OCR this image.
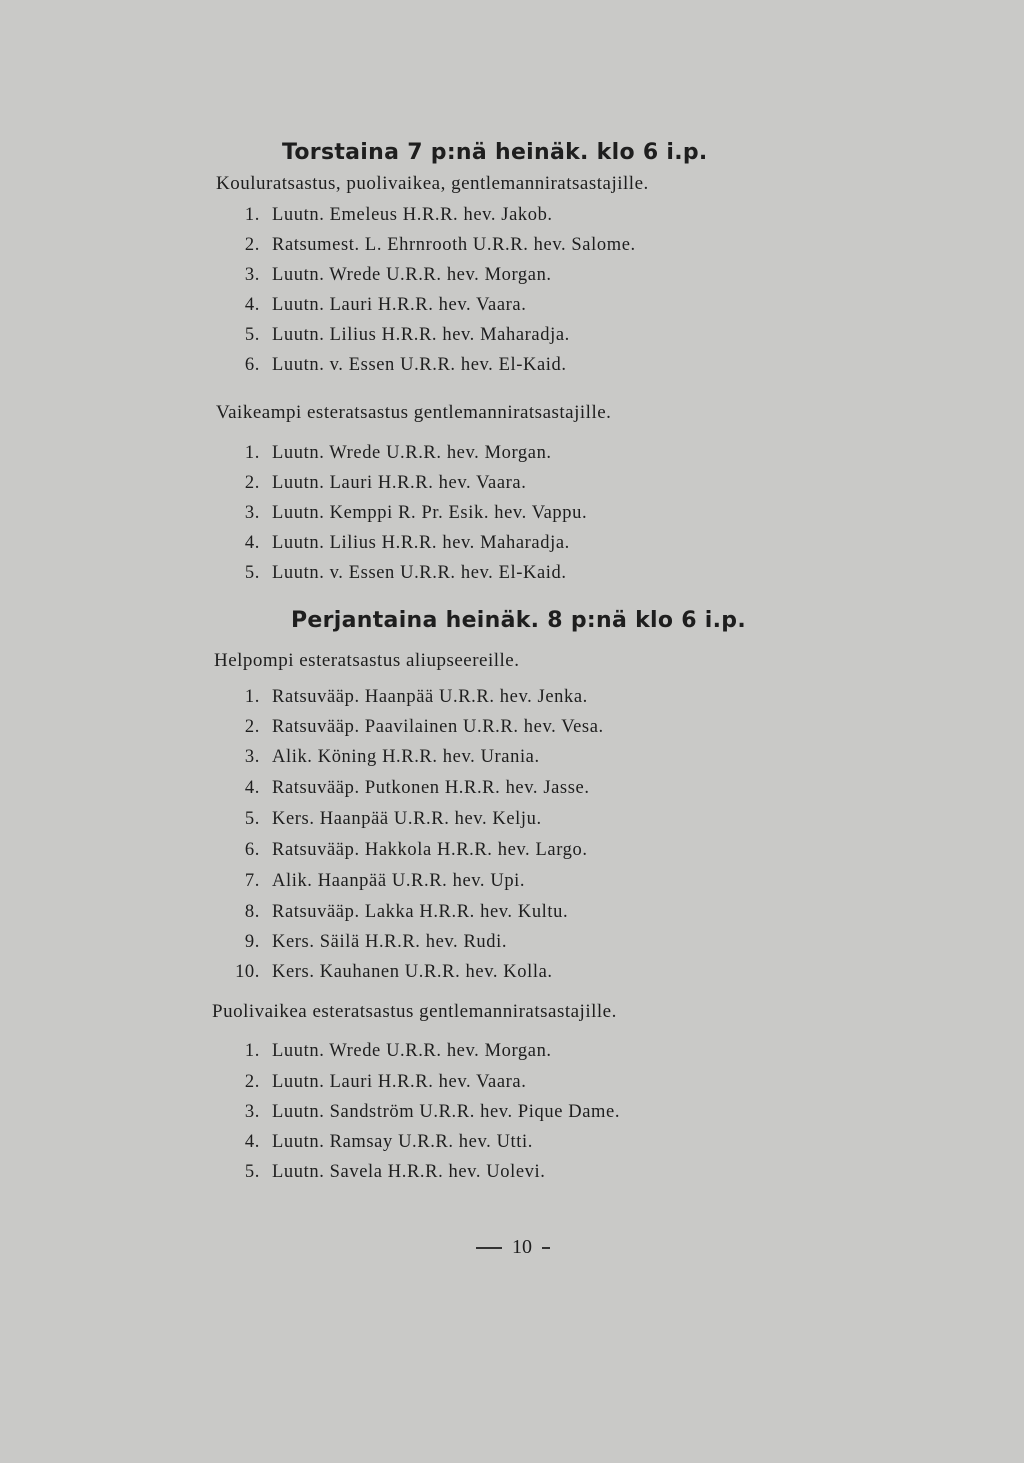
Torstaina 7 p:nä heinäk. klo 6 i.p.
Kouluratsastus, puolivaikea, gentlemanniratsastajille.
1. Luutn. Emeleus H.R.R. hev. Jakob.
2. Ratsumest. L. Ehrnrooth U.R.R. hev. Salome.
3. Luutn. Wrede U.R.R. hev. Morgan.
4. Luutn. Lauri H.R.R. hev. Vaara.
5. Luutn. Lilius H.R.R. hev. Maharadja.
6. Luutn. v. Essen U.R.R. hev. El-Kaid.
Vaikeampi esteratsastus gentlemanniratsastajille.
1. Luutn. Wrede U.R.R. hev. Morgan.
2. Luutn. Lauri H.R.R. hev. Vaara.
3. Luutn. Kemppi R. Pr. Esik. hev. Vappu.
4. Luutn. Lilius H.R.R. hev. Maharadja.
5. Luutn. v. Essen U.R.R. hev. El-Kaid.
Perjantaina heinäk. 8 p:nä klo 6 i.p.
Helpompi esteratsastus aliupseereille.
1. Ratsuvääp. Haanpää U.R.R. hev. Jenka.
2. Ratsuvääp. Paavilainen U.R.R. hev. Vesa.
3. Alik. Köning H.R.R. hev. Urania.
4. Ratsuvääp. Putkonen H.R.R. hev. Jasse.
5. Kers. Haanpää U.R.R. hev. Kelju.
6. Ratsuvääp. Hakkola H.R.R. hev. Largo.
7. Alik. Haanpää U.R.R. hev. Upi.
8. Ratsuvääp. Lakka H.R.R. hev. Kultu.
9. Kers. Säilä H.R.R. hev. Rudi.
10. Kers. Kauhanen U.R.R. hev. Kolla.
Puolivaikea esteratsastus gentlemanniratsastajille.
1. Luutn. Wrede U.R.R. hev. Morgan.
2. Luutn. Lauri H.R.R. hev. Vaara.
3. Luutn. Sandström U.R.R. hev. Pique Dame.
4. Luutn. Ramsay U.R.R. hev. Utti.
5. Luutn. Savela H.R.R. hev. Uolevi.
10
